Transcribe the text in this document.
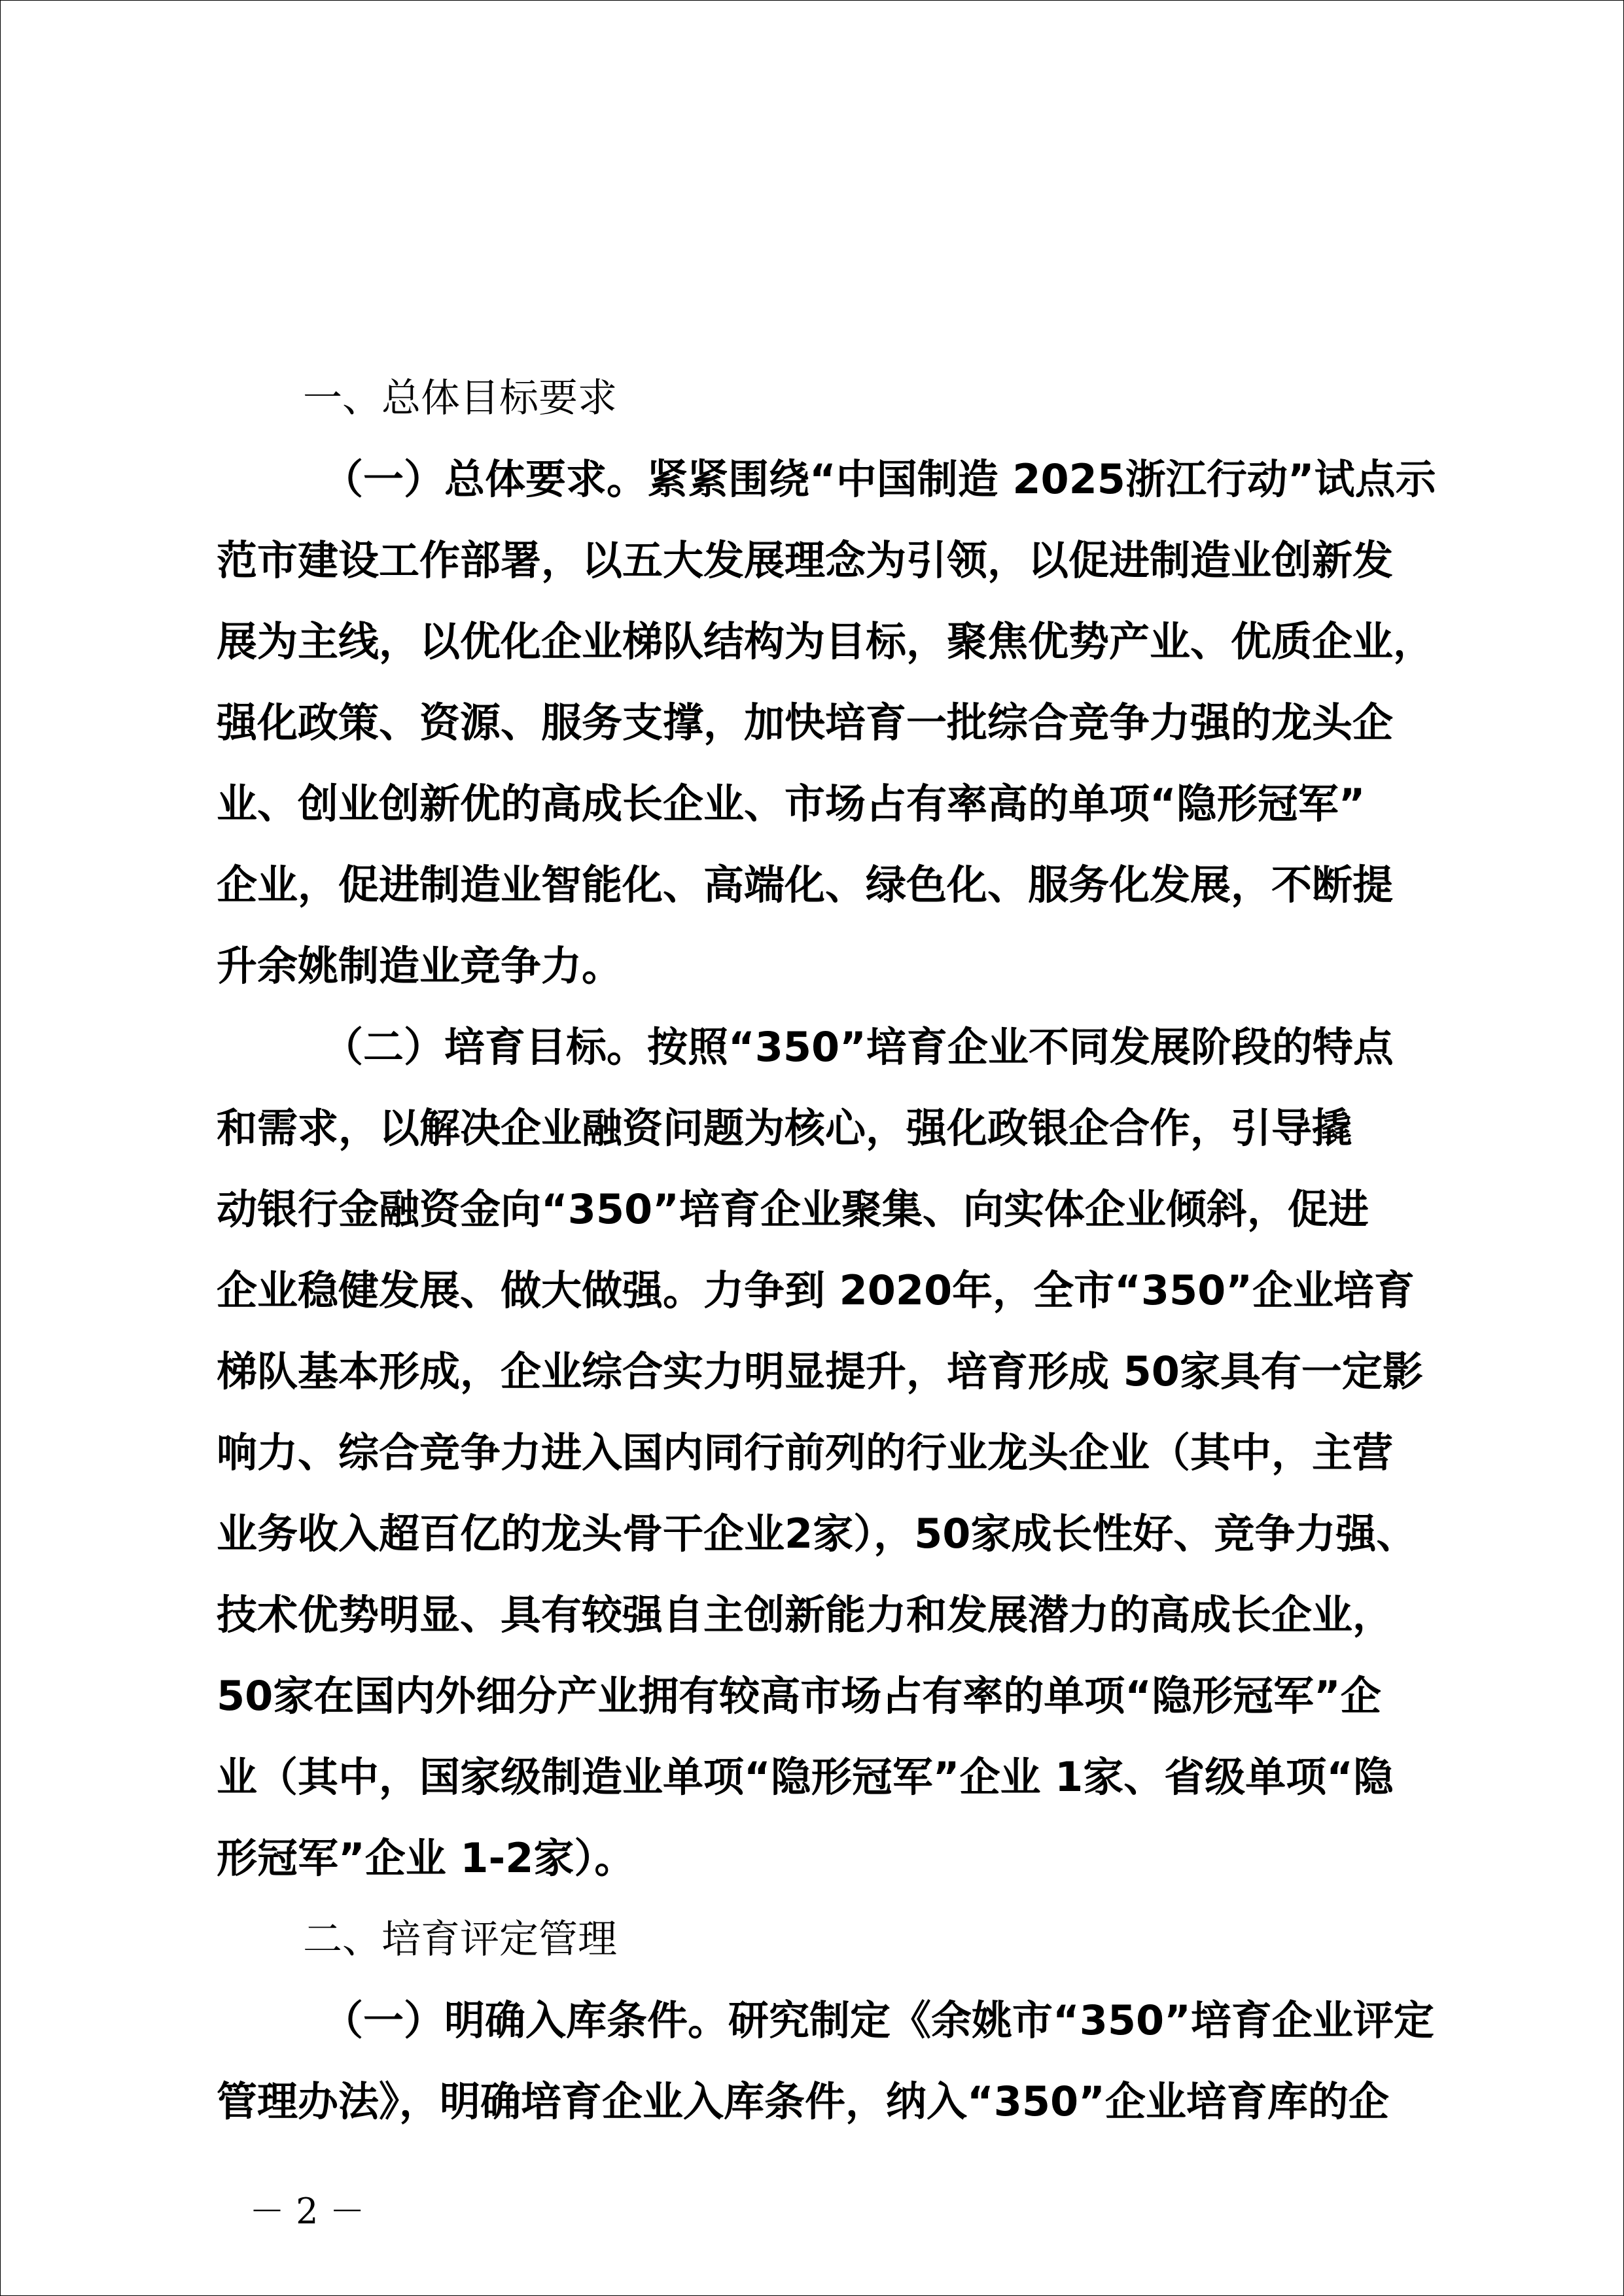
一、总体目标要求

（一）总体要求。紧紧围绕“中国制造 2025浙江行动”试点示

范市建设工作部署，以五大发展理念为引领，以促进制造业创新发

展为主线，以优化企业梯队结构为目标，聚焦优势产业、优质企业，

强化政策、资源、服务支撑，加快培育一批综合竞争力强的龙头企

业、创业创新优的高成长企业、市场占有率高的单项“隐形冠军”

企业，促进制造业智能化、高端化、绿色化、服务化发展，不断提

升余姚制造业竞争力。

（二）培育目标。按照“350”培育企业不同发展阶段的特点

和需求，以解决企业融资问题为核心，强化政银企合作，引导撬

动银行金融资金向“350”培育企业聚集、向实体企业倾斜，促进

企业稳健发展、做大做强。力争到 2020年，全市“350”企业培育

梯队基本形成，企业综合实力明显提升，培育形成 50家具有一定影

响力、综合竞争力进入国内同行前列的行业龙头企业（其中，主营

业务收入超百亿的龙头骨干企业2家），50家成长性好、竞争力强、

技术优势明显、具有较强自主创新能力和发展潜力的高成长企业，

50家在国内外细分产业拥有较高市场占有率的单项“隐形冠军”企

业（其中，国家级制造业单项“隐形冠军”企业 1家、省级单项“隐

形冠军”企业 1-2家）。

二、培育评定管理

（一）明确入库条件。研究制定《余姚市“350”培育企业评定

管理办法》，明确培育企业入库条件，纳入“350”企业培育库的企

－ 2 －
